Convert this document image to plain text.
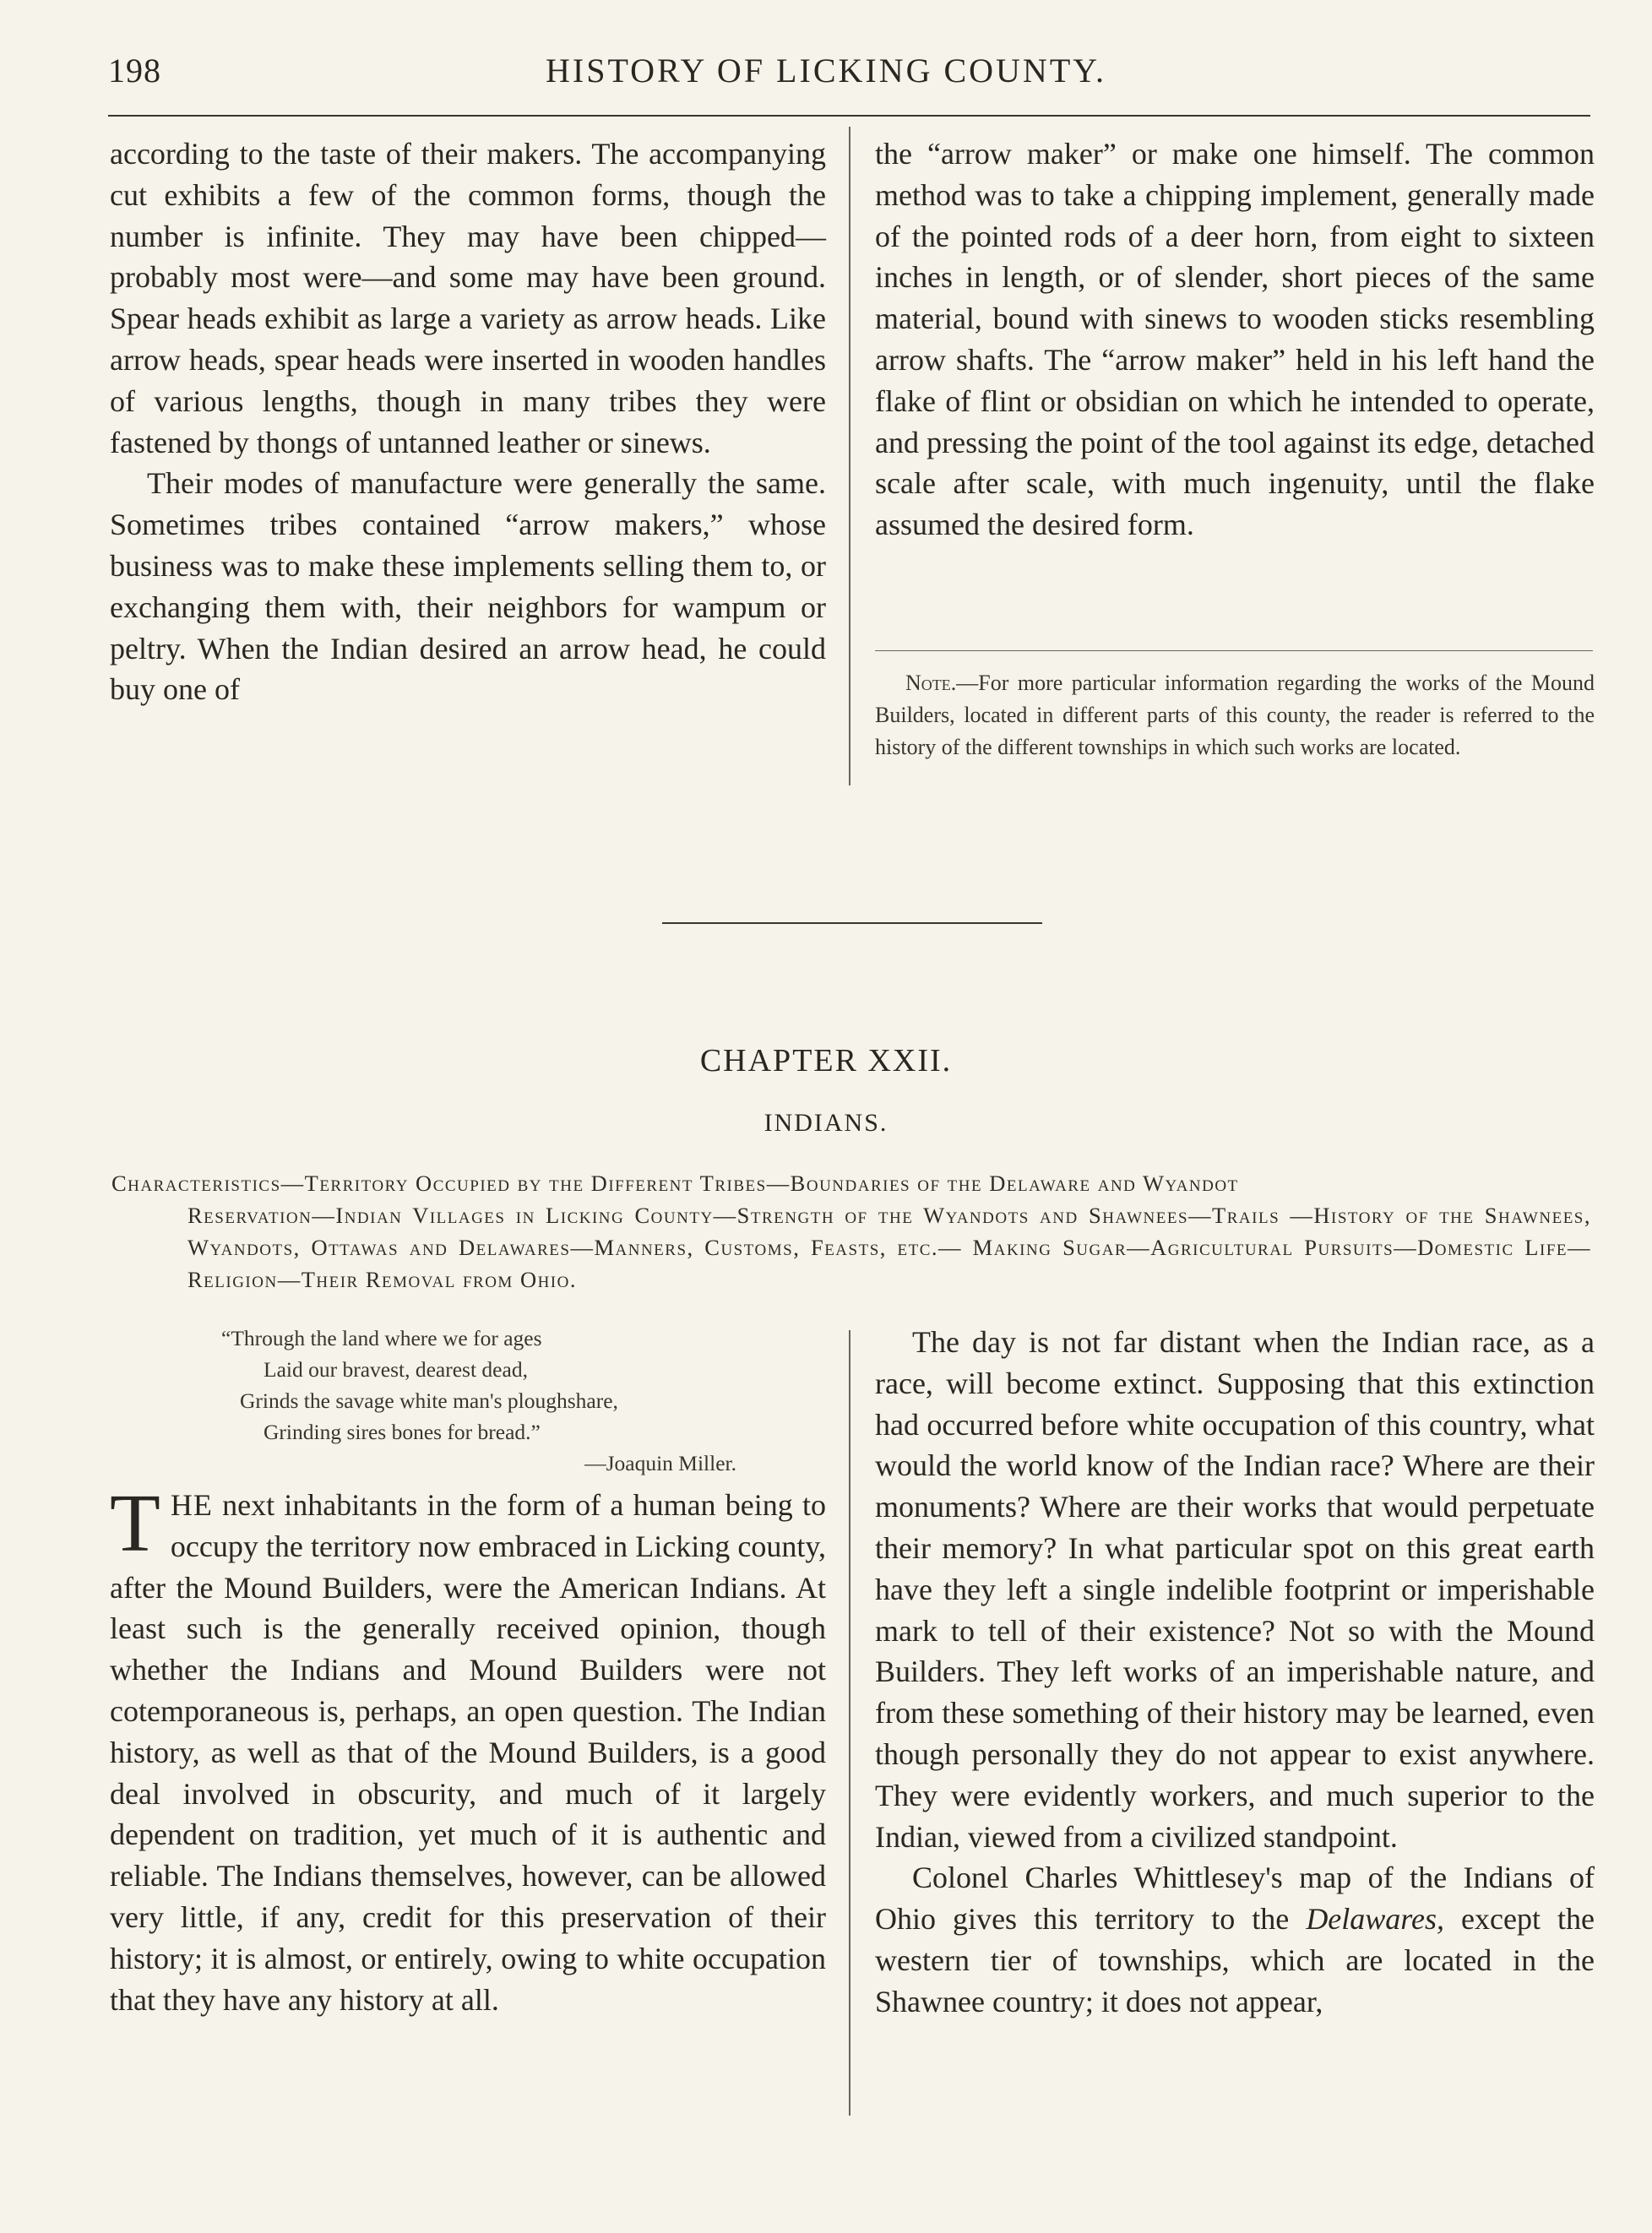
HISTORY OF LICKING COUNTY.
198

according to the taste of their makers. The accompanying cut exhibits a few of the common forms, though the number is infinite. They may have been chipped—probably most were—and some may have been ground. Spear heads exhibit as large a variety as arrow heads. Like arrow heads, spear heads were inserted in wooden handles of various lengths, though in many tribes they were fastened by thongs of untanned leather or sinews.

Their modes of manufacture were generally the same. Sometimes tribes contained “arrow makers,” whose business was to make these implements selling them to, or exchanging them with, their neighbors for wampum or peltry. When the Indian desired an arrow head, he could buy one of

the “arrow maker” or make one himself. The common method was to take a chipping implement, generally made of the pointed rods of a deer horn, from eight to sixteen inches in length, or of slender, short pieces of the same material, bound with sinews to wooden sticks resembling arrow shafts. The “arrow maker” held in his left hand the flake of flint or obsidian on which he intended to operate, and pressing the point of the tool against its edge, detached scale after scale, with much ingenuity, until the flake assumed the desired form.

Note.—For more particular information regarding the works of the Mound Builders, located in different parts of this county, the reader is referred to the history of the different townships in which such works are located.
CHAPTER XXII.
INDIANS.
Characteristics—Territory Occupied by the Different Tribes—Boundaries of the Delaware and Wyandot
Reservation—Indian Villages in Licking County—Strength of the Wyandots and Shawnees—Trails —History of the Shawnees, Wyandots, Ottawas and Delawares—Manners, Customs, Feasts, etc.— Making Sugar—Agricultural Pursuits—Domestic Life—Religion—Their Removal from Ohio.
“Through the land where we for ages
Laid our bravest, dearest dead,
Grinds the savage white man's ploughshare,
Grinding sires bones for bread.”
—Joaquin Miller.

THE next inhabitants in the form of a human being to occupy the territory now embraced in Licking county, after the Mound Builders, were the American Indians. At least such is the generally received opinion, though whether the Indians and Mound Builders were not cotemporaneous is, perhaps, an open question. The Indian history, as well as that of the Mound Builders, is a good deal involved in obscurity, and much of it largely dependent on tradition, yet much of it is authentic and reliable. The Indians themselves, however, can be allowed very little, if any, credit for this preservation of their history; it is almost, or entirely, owing to white occupation that they have any history at all.

The day is not far distant when the Indian race, as a race, will become extinct. Supposing that this extinction had occurred before white occupation of this country, what would the world know of the Indian race? Where are their monuments? Where are their works that would perpetuate their memory? In what particular spot on this great earth have they left a single indelible footprint or imperishable mark to tell of their existence? Not so with the Mound Builders. They left works of an imperishable nature, and from these something of their history may be learned, even though personally they do not appear to exist anywhere. They were evidently workers, and much superior to the Indian, viewed from a civilized standpoint.

Colonel Charles Whittlesey's map of the Indians of Ohio gives this territory to the Delawares, except the western tier of townships, which are located in the Shawnee country; it does not appear,
